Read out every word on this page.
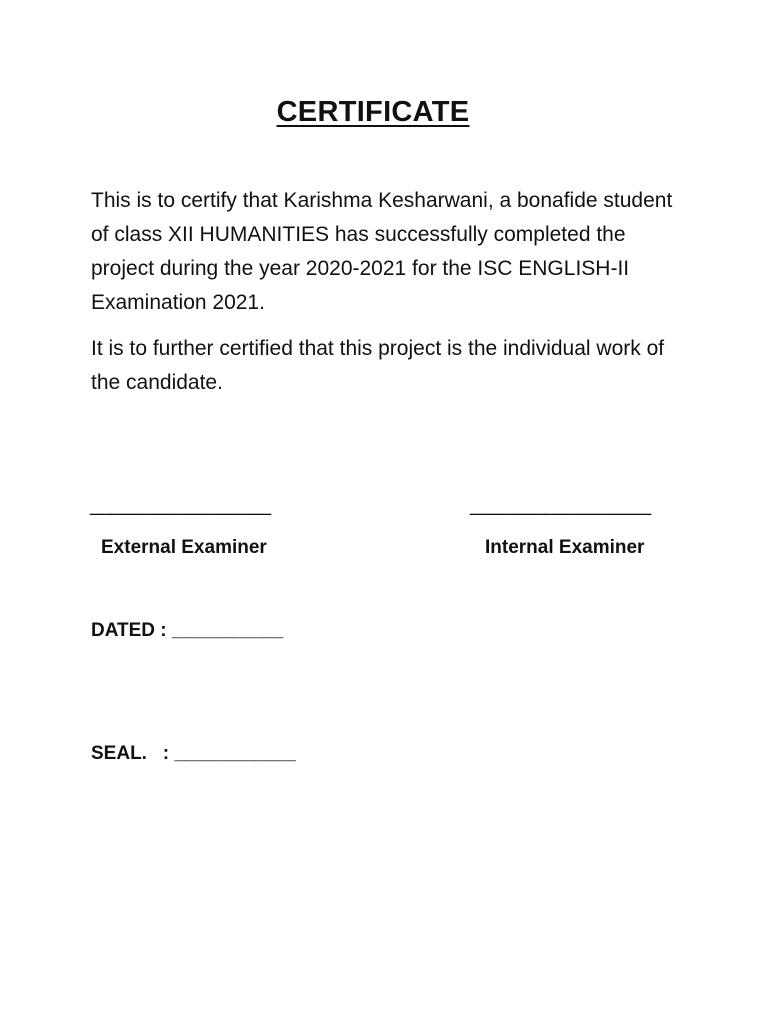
CERTIFICATE

This is to certify that Karishma Kesharwani, a bonafide student of class XII HUMANITIES has successfully completed the project during the year 2020-2021 for the ISC ENGLISH-II Examination 2021.

It is to further certified that this project is the individual work of the candidate.

_________________	_________________
External Examiner	Internal Examiner
DATED : ___________
SEAL.   : ____________
